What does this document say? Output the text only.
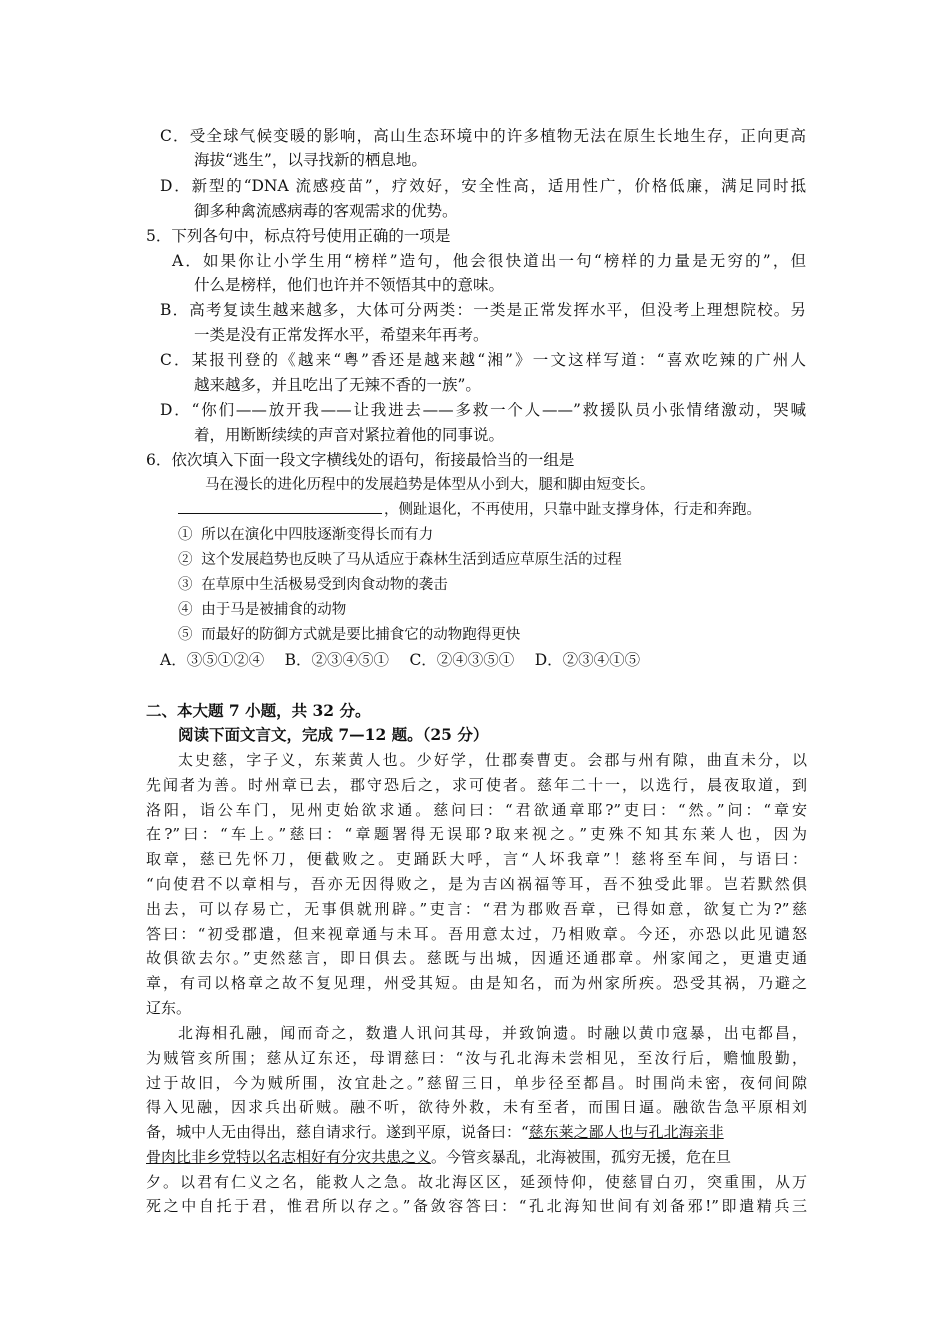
C．受全球气候变暖的影响，高山生态环境中的许多植物无法在原生长地生存，正向更高
海拔“逃生”，以寻找新的栖息地。
D．新型的“DNA 流感疫苗”，疗效好，安全性高，适用性广，价格低廉，满足同时抵
御多种禽流感病毒的客观需求的优势。
5．下列各句中，标点符号使用正确的一项是
A．如果你让小学生用“榜样”造句，他会很快道出一句“榜样的力量是无穷的”，但
什么是榜样，他们也许并不领悟其中的意味。
B．高考复读生越来越多，大体可分两类：一类是正常发挥水平，但没考上理想院校。另
一类是没有正常发挥水平，希望来年再考。
C．某报刊登的《越来“粤”香还是越来越“湘”》一文这样写道：“喜欢吃辣的广州人
越来越多，并且吃出了无辣不香的一族”。
D．“你们——放开我——让我进去——多救一个人——”救援队员小张情绪激动，哭喊
着，用断断续续的声音对紧拉着他的同事说。
6．依次填入下面一段文字横线处的语句，衔接最恰当的一组是
马在漫长的进化历程中的发展趋势是体型从小到大，腿和脚由短变长。
，侧趾退化，不再使用，只靠中趾支撑身体，行走和奔跑。
① 所以在演化中四肢逐渐变得长而有力
② 这个发展趋势也反映了马从适应于森林生活到适应草原生活的过程
③ 在草原中生活极易受到肉食动物的袭击
④ 由于马是被捕食的动物
⑤ 而最好的防御方式就是要比捕食它的动物跑得更快
A．③⑤①②④　 B．②③④⑤①　 C．②④③⑤①　 D．②③④①⑤
二、本大题 7 小题，共 32 分。
阅读下面文言文，完成 7—12 题。（25 分）
太史慈，字子义，东莱黄人也。少好学，仕郡奏曹吏。会郡与州有隙，曲直未分，以
先闻者为善。时州章已去，郡守恐后之，求可使者。慈年二十一，以选行，晨夜取道，到
洛阳，诣公车门，见州吏始欲求通。慈问曰：“君欲通章耶?”吏曰：“然。”问：“章安
在?”曰：“车上。”慈曰：“章题署得无误耶?取来视之。”吏殊不知其东莱人也，因为
取章，慈已先怀刀，便截败之。吏踊跃大呼，言“人坏我章”！慈将至车间，与语曰：
“向使君不以章相与，吾亦无因得败之，是为吉凶祸福等耳，吾不独受此罪。岂若默然俱
出去，可以存易亡，无事俱就刑辟。”吏言：“君为郡败吾章，已得如意，欲复亡为?”慈
答曰：“初受郡遣，但来视章通与未耳。吾用意太过，乃相败章。今还，亦恐以此见谴怒
故俱欲去尔。”吏然慈言，即日俱去。慈既与出城，因遁还通郡章。州家闻之，更遣吏通
章，有司以格章之故不复见理，州受其短。由是知名，而为州家所疾。恐受其祸，乃避之
辽东。
北海相孔融，闻而奇之，数遣人讯问其母，并致饷遗。时融以黄巾寇暴，出屯都昌，
为贼管亥所围；慈从辽东还，母谓慈曰：“汝与孔北海未尝相见，至汝行后，赡恤殷勤，
过于故旧，今为贼所围，汝宜赴之。”慈留三日，单步径至都昌。时围尚未密，夜伺间隙
得入见融，因求兵出斫贼。融不听，欲待外救，未有至者，而围日逼。融欲告急平原相刘
备，城中人无由得出，慈自请求行。遂到平原，说备曰：“慈东莱之鄙人也与孔北海亲非
骨肉比非乡党特以名志相好有分灾共患之义。今管亥暴乱，北海被围，孤穷无援，危在旦
夕。以君有仁义之名，能救人之急。故北海区区，延颈恃仰，使慈冒白刃，突重围，从万
死之中自托于君，惟君所以存之。”备敛容答曰：“孔北海知世间有刘备邪!”即遣精兵三
